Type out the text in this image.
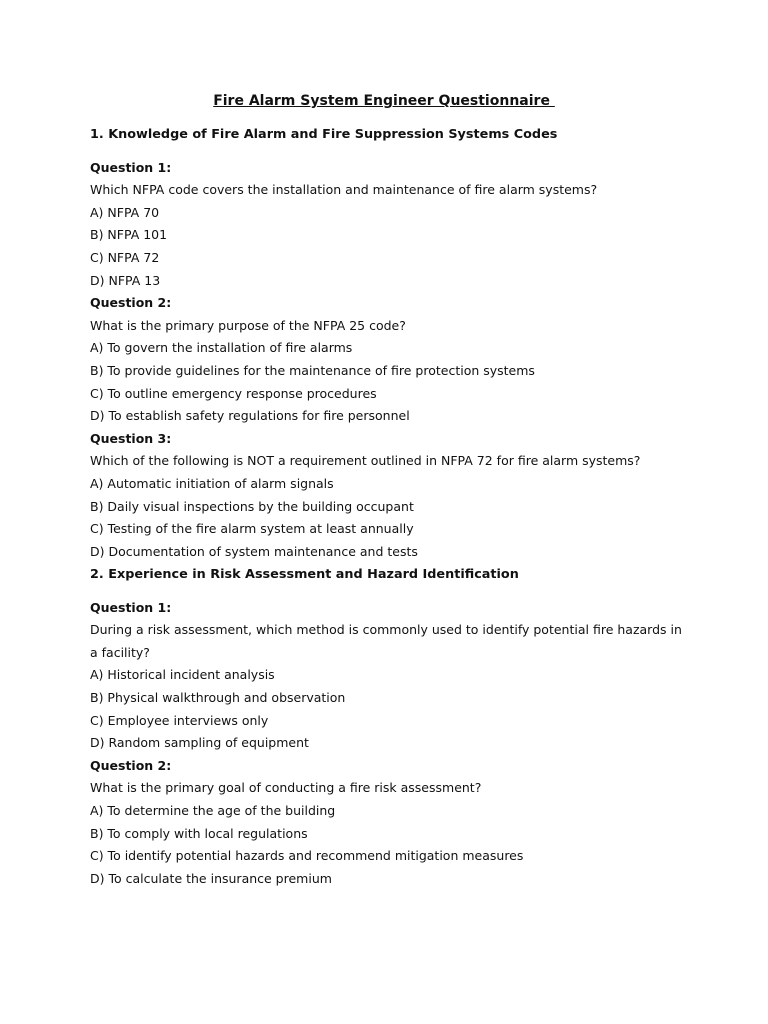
Fire Alarm System Engineer Questionnaire
1. Knowledge of Fire Alarm and Fire Suppression Systems Codes
Question 1:
Which NFPA code covers the installation and maintenance of fire alarm systems?
A) NFPA 70
B) NFPA 101
C) NFPA 72
D) NFPA 13
Question 2:
What is the primary purpose of the NFPA 25 code?
A) To govern the installation of fire alarms
B) To provide guidelines for the maintenance of fire protection systems
C) To outline emergency response procedures
D) To establish safety regulations for fire personnel
Question 3:
Which of the following is NOT a requirement outlined in NFPA 72 for fire alarm systems?
A) Automatic initiation of alarm signals
B) Daily visual inspections by the building occupant
C) Testing of the fire alarm system at least annually
D) Documentation of system maintenance and tests
2. Experience in Risk Assessment and Hazard Identification
Question 1:
During a risk assessment, which method is commonly used to identify potential fire hazards in a facility?
A) Historical incident analysis
B) Physical walkthrough and observation
C) Employee interviews only
D) Random sampling of equipment
Question 2:
What is the primary goal of conducting a fire risk assessment?
A) To determine the age of the building
B) To comply with local regulations
C) To identify potential hazards and recommend mitigation measures
D) To calculate the insurance premium
